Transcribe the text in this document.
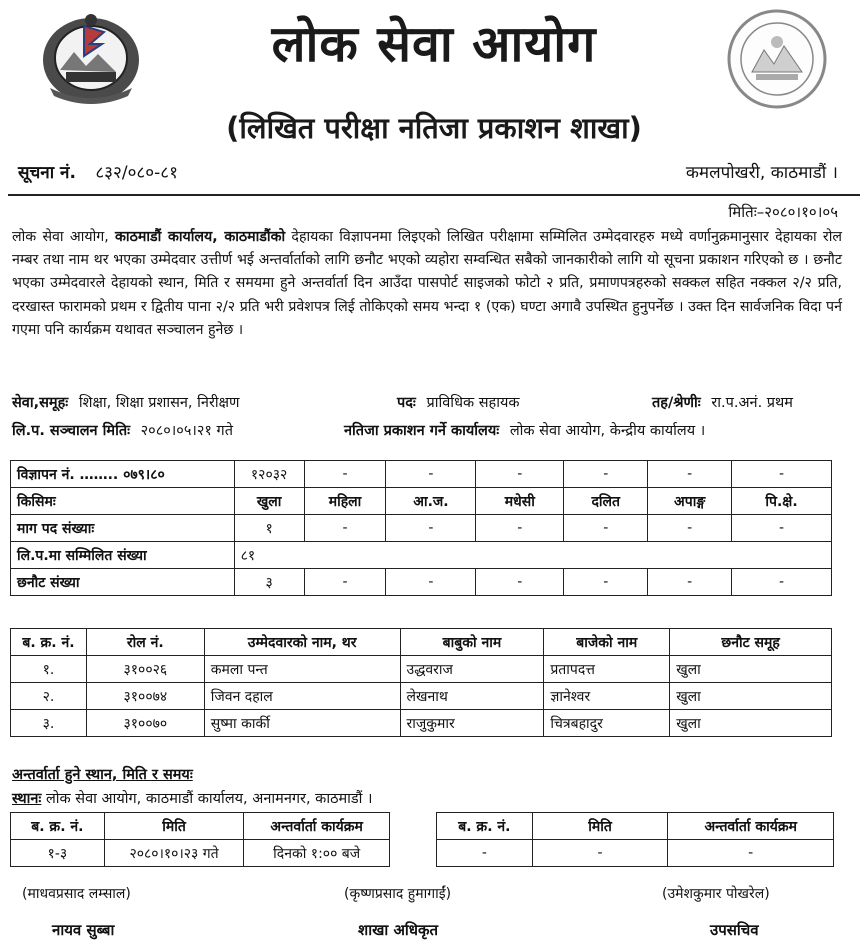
लोक सेवा आयोग
(लिखित परीक्षा नतिजा प्रकाशन शाखा)
सूचना नं. ८३२/०८०-८१	कमलपोखरी, काठमाडौं ।
मितिः–२०८०।१०।०५
लोक सेवा आयोग, काठमाडौं कार्यालय, काठमाडौंको देहायका विज्ञापनमा लिइएको लिखित परीक्षामा सम्मिलित उम्मेदवारहरु मध्ये वर्णानुक्रमानुसार देहायका रोल नम्बर तथा नाम थर भएका उम्मेदवार उत्तीर्ण भई अन्तर्वार्ताको लागि छनौट भएको व्यहोरा सम्वन्धित सबैको जानकारीको लागि यो सूचना प्रकाशन गरिएको छ । छनौट भएका उम्मेदवारले देहायको स्थान, मिति र समयमा हुने अन्तर्वार्ता दिन आउँदा पासपोर्ट साइजको फोटो २ प्रति, प्रमाणपत्रहरुको सक्कल सहित नक्कल २/२ प्रति, दरखास्त फारामको प्रथम र द्वितीय पाना २/२ प्रति भरी प्रवेशपत्र लिई तोकिएको समय भन्दा १ (एक) घण्टा अगावै उपस्थित हुनुपर्नेछ । उक्त दिन सार्वजनिक विदा पर्न गएमा पनि कार्यक्रम यथावत सञ्चालन हुनेछ ।
सेवा,समूहः शिक्षा, शिक्षा प्रशासन, निरीक्षण	पदः प्राविधिक सहायक	तह/श्रेणीः रा.प.अनं. प्रथम
लि.प. सञ्चालन मितिः २०८०।०५।२१ गते	नतिजा प्रकाशन गर्ने कार्यालयः लोक सेवा आयोग, केन्द्रीय कार्यालय ।
विज्ञापन नं. …….. ०७९।८०	१२०३२	-	-	-	-	-	-
किसिमः	खुला	महिला	आ.ज.	मधेसी	दलित	अपाङ्ग	पि.क्षे.
माग पद संख्याः	१	-	-	-	-	-	-
लि.प.मा सम्मिलित संख्या	८१						
छनौट संख्या	३	-	-	-	-	-	-
ब. क्र. नं.	रोल नं.	उम्मेदवारको नाम, थर	बाबुको नाम	बाजेको नाम	छनौट समूह
१.	३१००२६	कमला पन्त	उद्धवराज	प्रतापदत्त	खुला
२.	३१००७४	जिवन दहाल	लेखनाथ	ज्ञानेश्वर	खुला
३.	३१००७०	सुष्मा कार्की	राजुकुमार	चित्रबहादुर	खुला
अन्तर्वार्ता हुने स्थान, मिति र समयः
स्थानः लोक सेवा आयोग, काठमाडौं कार्यालय, अनामनगर, काठमाडौं ।
ब. क्र. नं.	मिति	अन्तर्वार्ता कार्यक्रम
१-३	२०८०।१०।२३ गते	दिनको १:०० बजे
ब. क्र. नं.	मिति	अन्तर्वार्ता कार्यक्रम
-	-	-
(माधवप्रसाद लम्साल)
नायव सुब्बा
(कृष्णप्रसाद हुमागाईं)
शाखा अधिकृत
(उमेशकुमार पोखरेल)
उपसचिव
